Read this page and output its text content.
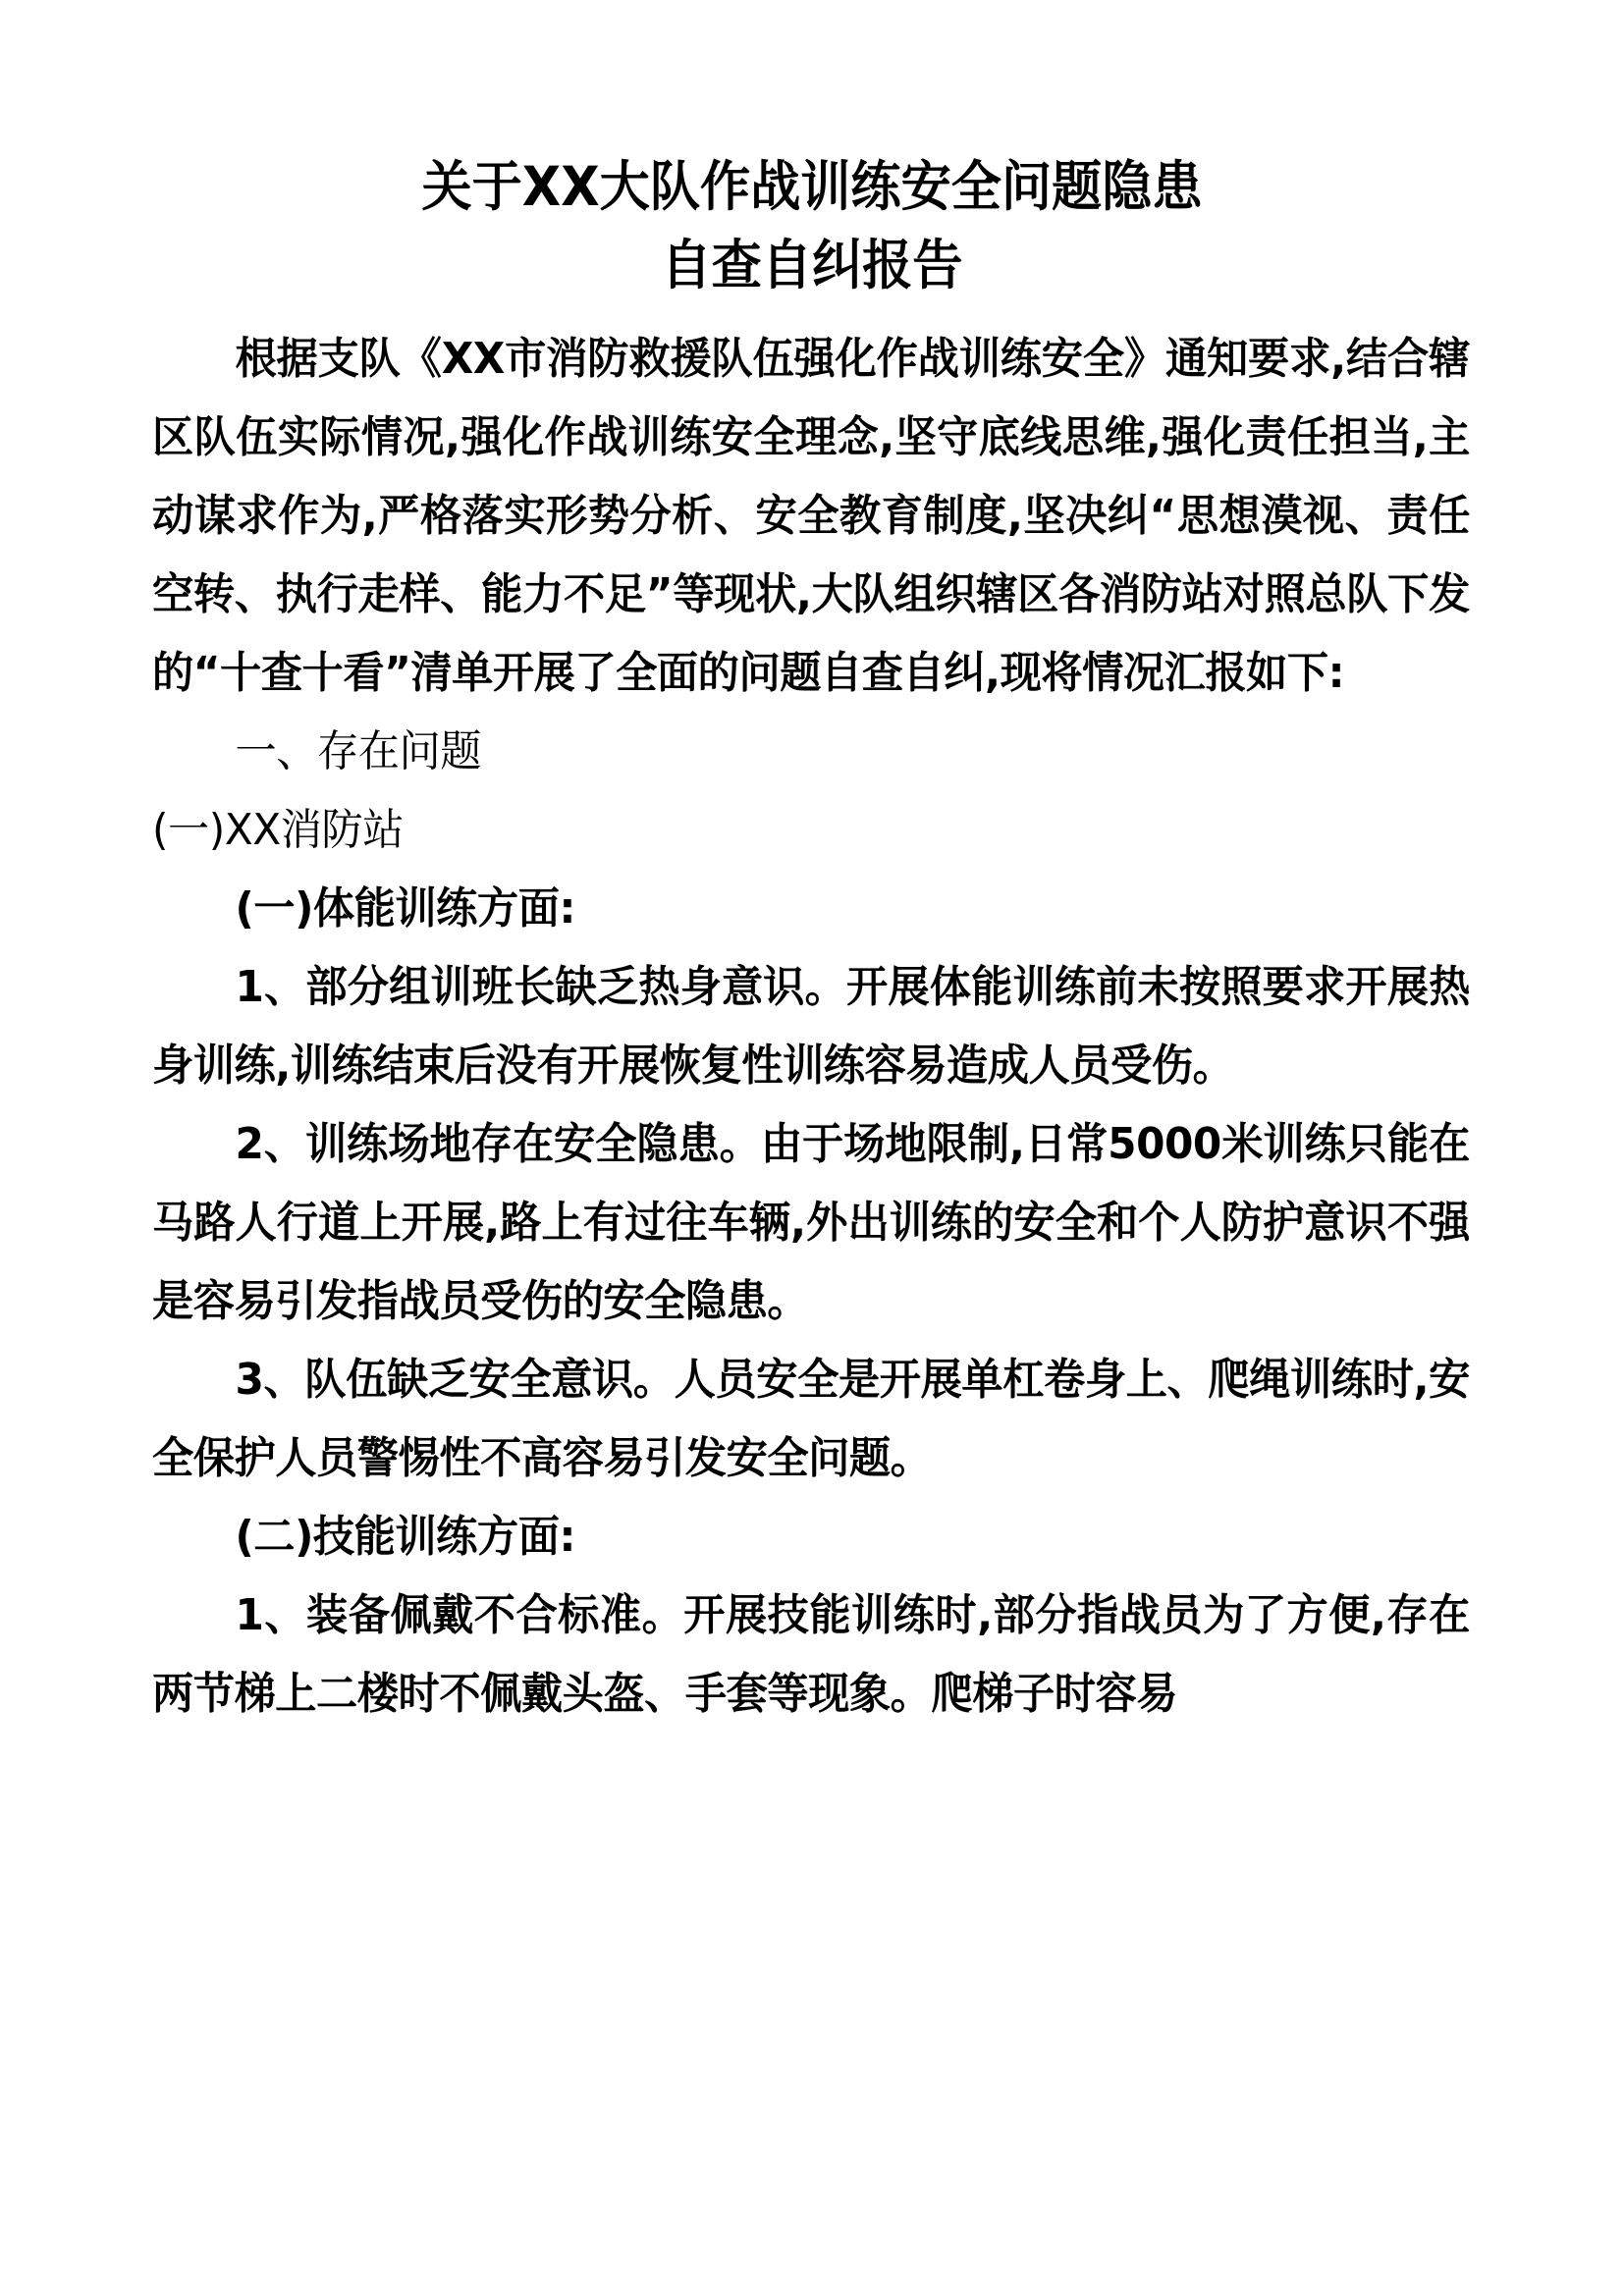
关于XX大队作战训练安全问题隐患
自查自纠报告

根据支队《XX市消防救援队伍强化作战训练安全》通知要求,结合辖区队伍实际情况,强化作战训练安全理念,坚守底线思维,强化责任担当,主动谋求作为,严格落实形势分析、安全教育制度,坚决纠“思想漠视、责任空转、执行走样、能力不足”等现状,大队组织辖区各消防站对照总队下发的“十查十看”清单开展了全面的问题自查自纠,现将情况汇报如下:

一、存在问题

(一)XX消防站

(一)体能训练方面:

1、部分组训班长缺乏热身意识。开展体能训练前未按照要求开展热身训练,训练结束后没有开展恢复性训练容易造成人员受伤。

2、训练场地存在安全隐患。由于场地限制,日常5000米训练只能在马路人行道上开展,路上有过往车辆,外出训练的安全和个人防护意识不强是容易引发指战员受伤的安全隐患。

3、队伍缺乏安全意识。人员安全是开展单杠卷身上、爬绳训练时,安全保护人员警惕性不高容易引发安全问题。

(二)技能训练方面:

1、装备佩戴不合标准。开展技能训练时,部分指战员为了方便,存在两节梯上二楼时不佩戴头盔、手套等现象。爬梯子时容易
